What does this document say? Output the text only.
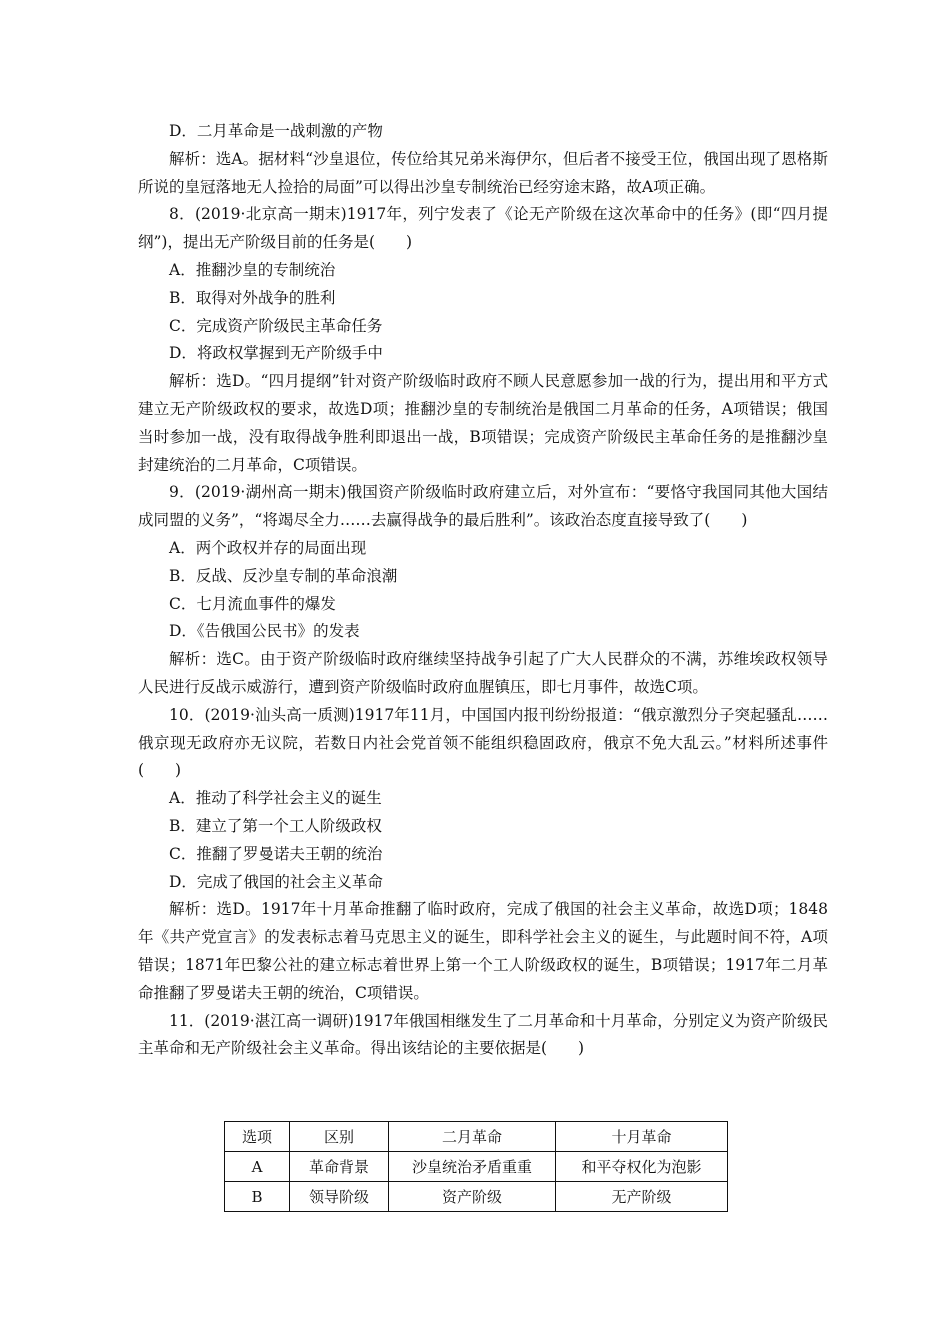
D．二月革命是一战刺激的产物
解析：选A。据材料“沙皇退位，传位给其兄弟米海伊尔，但后者不接受王位，俄国出现了恩格斯所说的皇冠落地无人捡拾的局面”可以得出沙皇专制统治已经穷途末路，故A项正确。
8．(2019·北京高一期末)1917年，列宁发表了《论无产阶级在这次革命中的任务》(即“四月提纲”)，提出无产阶级目前的任务是(　　)
A．推翻沙皇的专制统治
B．取得对外战争的胜利
C．完成资产阶级民主革命任务
D．将政权掌握到无产阶级手中
解析：选D。“四月提纲”针对资产阶级临时政府不顾人民意愿参加一战的行为，提出用和平方式建立无产阶级政权的要求，故选D项；推翻沙皇的专制统治是俄国二月革命的任务，A项错误；俄国当时参加一战，没有取得战争胜利即退出一战，B项错误；完成资产阶级民主革命任务的是推翻沙皇封建统治的二月革命，C项错误。
9．(2019·湖州高一期末)俄国资产阶级临时政府建立后，对外宣布：“要恪守我国同其他大国结成同盟的义务”，“将竭尽全力……去赢得战争的最后胜利”。该政治态度直接导致了(　　)
A．两个政权并存的局面出现
B．反战、反沙皇专制的革命浪潮
C．七月流血事件的爆发
D．《告俄国公民书》的发表
解析：选C。由于资产阶级临时政府继续坚持战争引起了广大人民群众的不满，苏维埃政权领导人民进行反战示威游行，遭到资产阶级临时政府血腥镇压，即七月事件，故选C项。
10．(2019·汕头高一质测)1917年11月，中国国内报刊纷纷报道：“俄京激烈分子突起骚乱……俄京现无政府亦无议院，若数日内社会党首领不能组织稳固政府，俄京不免大乱云。”材料所述事件(　　)
A．推动了科学社会主义的诞生
B．建立了第一个工人阶级政权
C．推翻了罗曼诺夫王朝的统治
D．完成了俄国的社会主义革命
解析：选D。1917年十月革命推翻了临时政府，完成了俄国的社会主义革命，故选D项；1848年《共产党宣言》的发表标志着马克思主义的诞生，即科学社会主义的诞生，与此题时间不符，A项错误；1871年巴黎公社的建立标志着世界上第一个工人阶级政权的诞生，B项错误；1917年二月革命推翻了罗曼诺夫王朝的统治，C项错误。
11．(2019·湛江高一调研)1917年俄国相继发生了二月革命和十月革命，分别定义为资产阶级民主革命和无产阶级社会主义革命。得出该结论的主要依据是(　　)
选项	区别	二月革命	十月革命
A	革命背景	沙皇统治矛盾重重	和平夺权化为泡影
B	领导阶级	资产阶级	无产阶级
